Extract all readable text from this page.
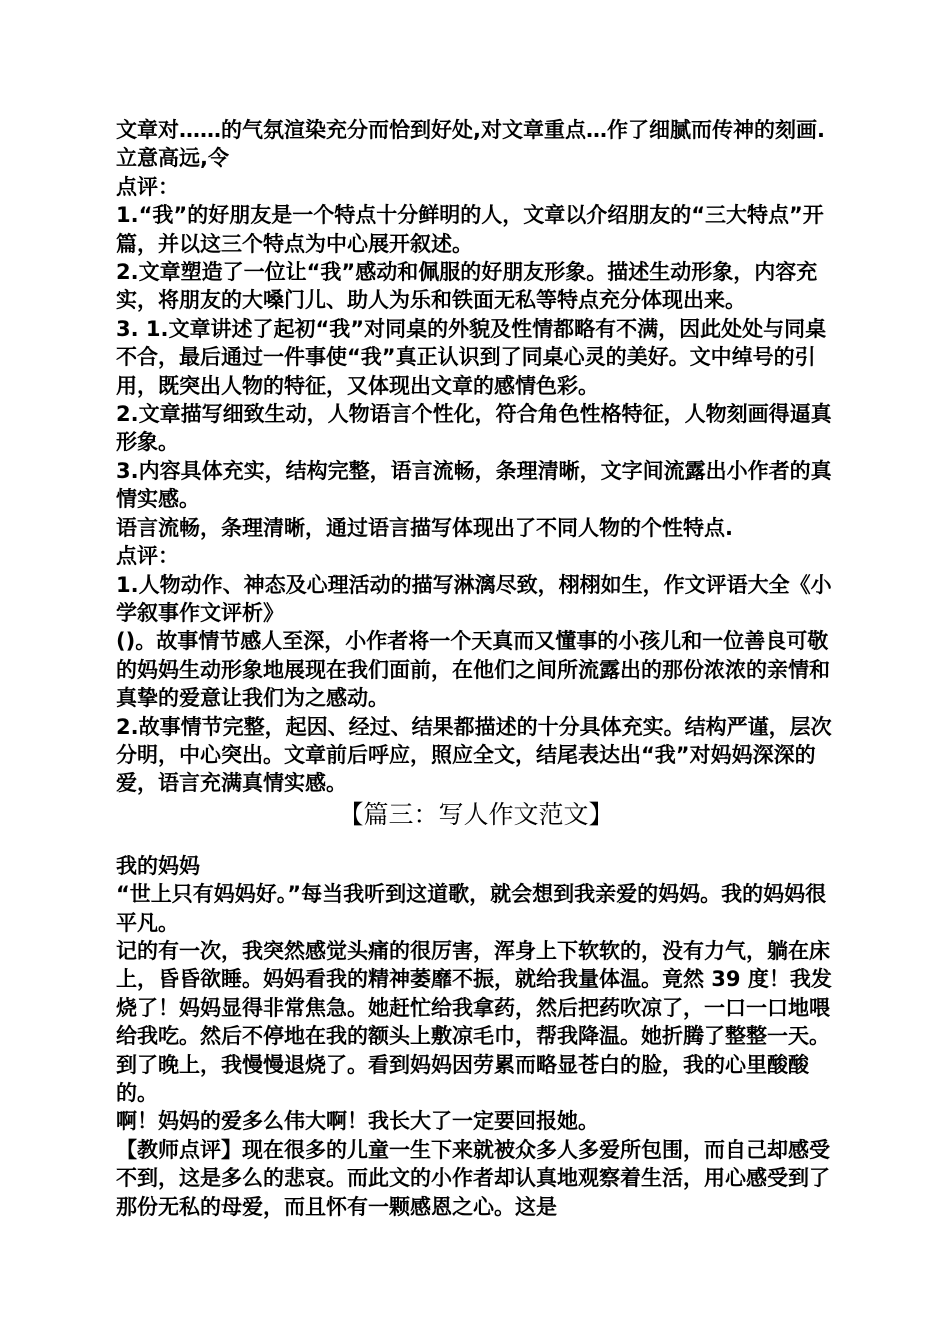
文章对……的气氛渲染充分而恰到好处,对文章重点…作了细腻而传神的刻画.立意高远,令

点评：

1.“我”的好朋友是一个特点十分鲜明的人，文章以介绍朋友的“三大特点”开篇，并以这三个特点为中心展开叙述。

2.文章塑造了一位让“我”感动和佩服的好朋友形象。描述生动形象，内容充实，将朋友的大嗓门儿、助人为乐和铁面无私等特点充分体现出来。

3. 1.文章讲述了起初“我”对同桌的外貌及性情都略有不满，因此处处与同桌不合，最后通过一件事使“我”真正认识到了同桌心灵的美好。文中绰号的引用，既突出人物的特征，又体现出文章的感情色彩。

2.文章描写细致生动，人物语言个性化，符合角色性格特征，人物刻画得逼真形象。

3.内容具体充实，结构完整，语言流畅，条理清晰，文字间流露出小作者的真情实感。

语言流畅，条理清晰，通过语言描写体现出了不同人物的个性特点.

点评：

1.人物动作、神态及心理活动的描写淋漓尽致，栩栩如生，作文评语大全《小学叙事作文评析》

()。故事情节感人至深，小作者将一个天真而又懂事的小孩儿和一位善良可敬的妈妈生动形象地展现在我们面前，在他们之间所流露出的那份浓浓的亲情和真挚的爱意让我们为之感动。

2.故事情节完整，起因、经过、结果都描述的十分具体充实。结构严谨，层次分明，中心突出。文章前后呼应，照应全文，结尾表达出“我”对妈妈深深的爱，语言充满真情实感。

【篇三：写人作文范文】

我的妈妈

“世上只有妈妈好。”每当我听到这道歌，就会想到我亲爱的妈妈。我的妈妈很平凡。

记的有一次，我突然感觉头痛的很厉害，浑身上下软软的，没有力气，躺在床上，昏昏欲睡。妈妈看我的精神萎靡不振，就给我量体温。竟然 39 度！我发烧了！妈妈显得非常焦急。她赶忙给我拿药，然后把药吹凉了，一口一口地喂给我吃。然后不停地在我的额头上敷凉毛巾，帮我降温。她折腾了整整一天。到了晚上，我慢慢退烧了。看到妈妈因劳累而略显苍白的脸，我的心里酸酸的。

啊！妈妈的爱多么伟大啊！我长大了一定要回报她。

【教师点评】现在很多的儿童一生下来就被众多人多爱所包围，而自己却感受不到，这是多么的悲哀。而此文的小作者却认真地观察着生活，用心感受到了那份无私的母爱，而且怀有一颗感恩之心。这是
